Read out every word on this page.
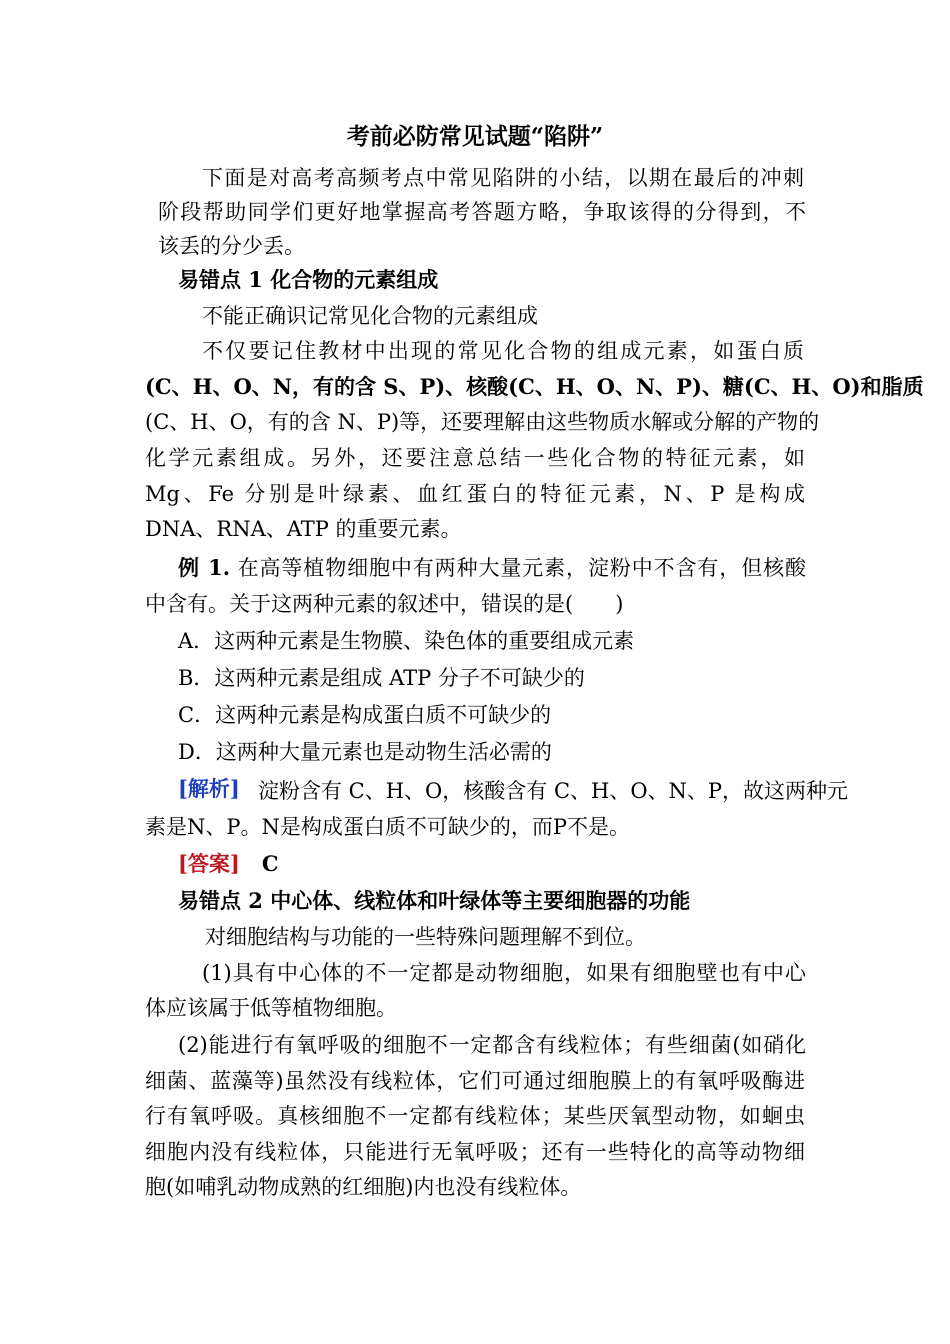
考前必防常见试题“陷阱”
下面是对高考高频考点中常见陷阱的小结，以期在最后的冲刺
阶段帮助同学们更好地掌握高考答题方略，争取该得的分得到，不
该丢的分少丢。
易错点 1 化合物的元素组成
不能正确识记常见化合物的元素组成
不仅要记住教材中出现的常见化合物的组成元素，如蛋白质
(C、H、O、N，有的含 S、P)、核酸(C、H、O、N、P)、糖(C、H、O)和脂质
(C、H、O，有的含 N、P)等，还要理解由这些物质水解或分解的产物的
化学元素组成。另外，还要注意总结一些化合物的特征元素，如
Mg、Fe 分别是叶绿素、血红蛋白的特征元素，N、P 是构成
DNA、RNA、ATP 的重要元素。
例 1. 在高等植物细胞中有两种大量元素，淀粉中不含有，但核酸
中含有。关于这两种元素的叙述中，错误的是(　　)
A．这两种元素是生物膜、染色体的重要组成元素
B．这两种元素是组成 ATP 分子不可缺少的
C．这两种元素是构成蛋白质不可缺少的
D．这两种大量元素也是动物生活必需的
[解析] 淀粉含有 C、H、O，核酸含有 C、H、O、N、P，故这两种元
素是N、P。N是构成蛋白质不可缺少的，而P不是。
[答案] C
易错点 2 中心体、线粒体和叶绿体等主要细胞器的功能
对细胞结构与功能的一些特殊问题理解不到位。
(1)具有中心体的不一定都是动物细胞，如果有细胞壁也有中心
体应该属于低等植物细胞。
(2)能进行有氧呼吸的细胞不一定都含有线粒体；有些细菌(如硝化
细菌、蓝藻等)虽然没有线粒体，它们可通过细胞膜上的有氧呼吸酶进
行有氧呼吸。真核细胞不一定都有线粒体；某些厌氧型动物，如蛔虫
细胞内没有线粒体，只能进行无氧呼吸；还有一些特化的高等动物细
胞(如哺乳动物成熟的红细胞)内也没有线粒体。
